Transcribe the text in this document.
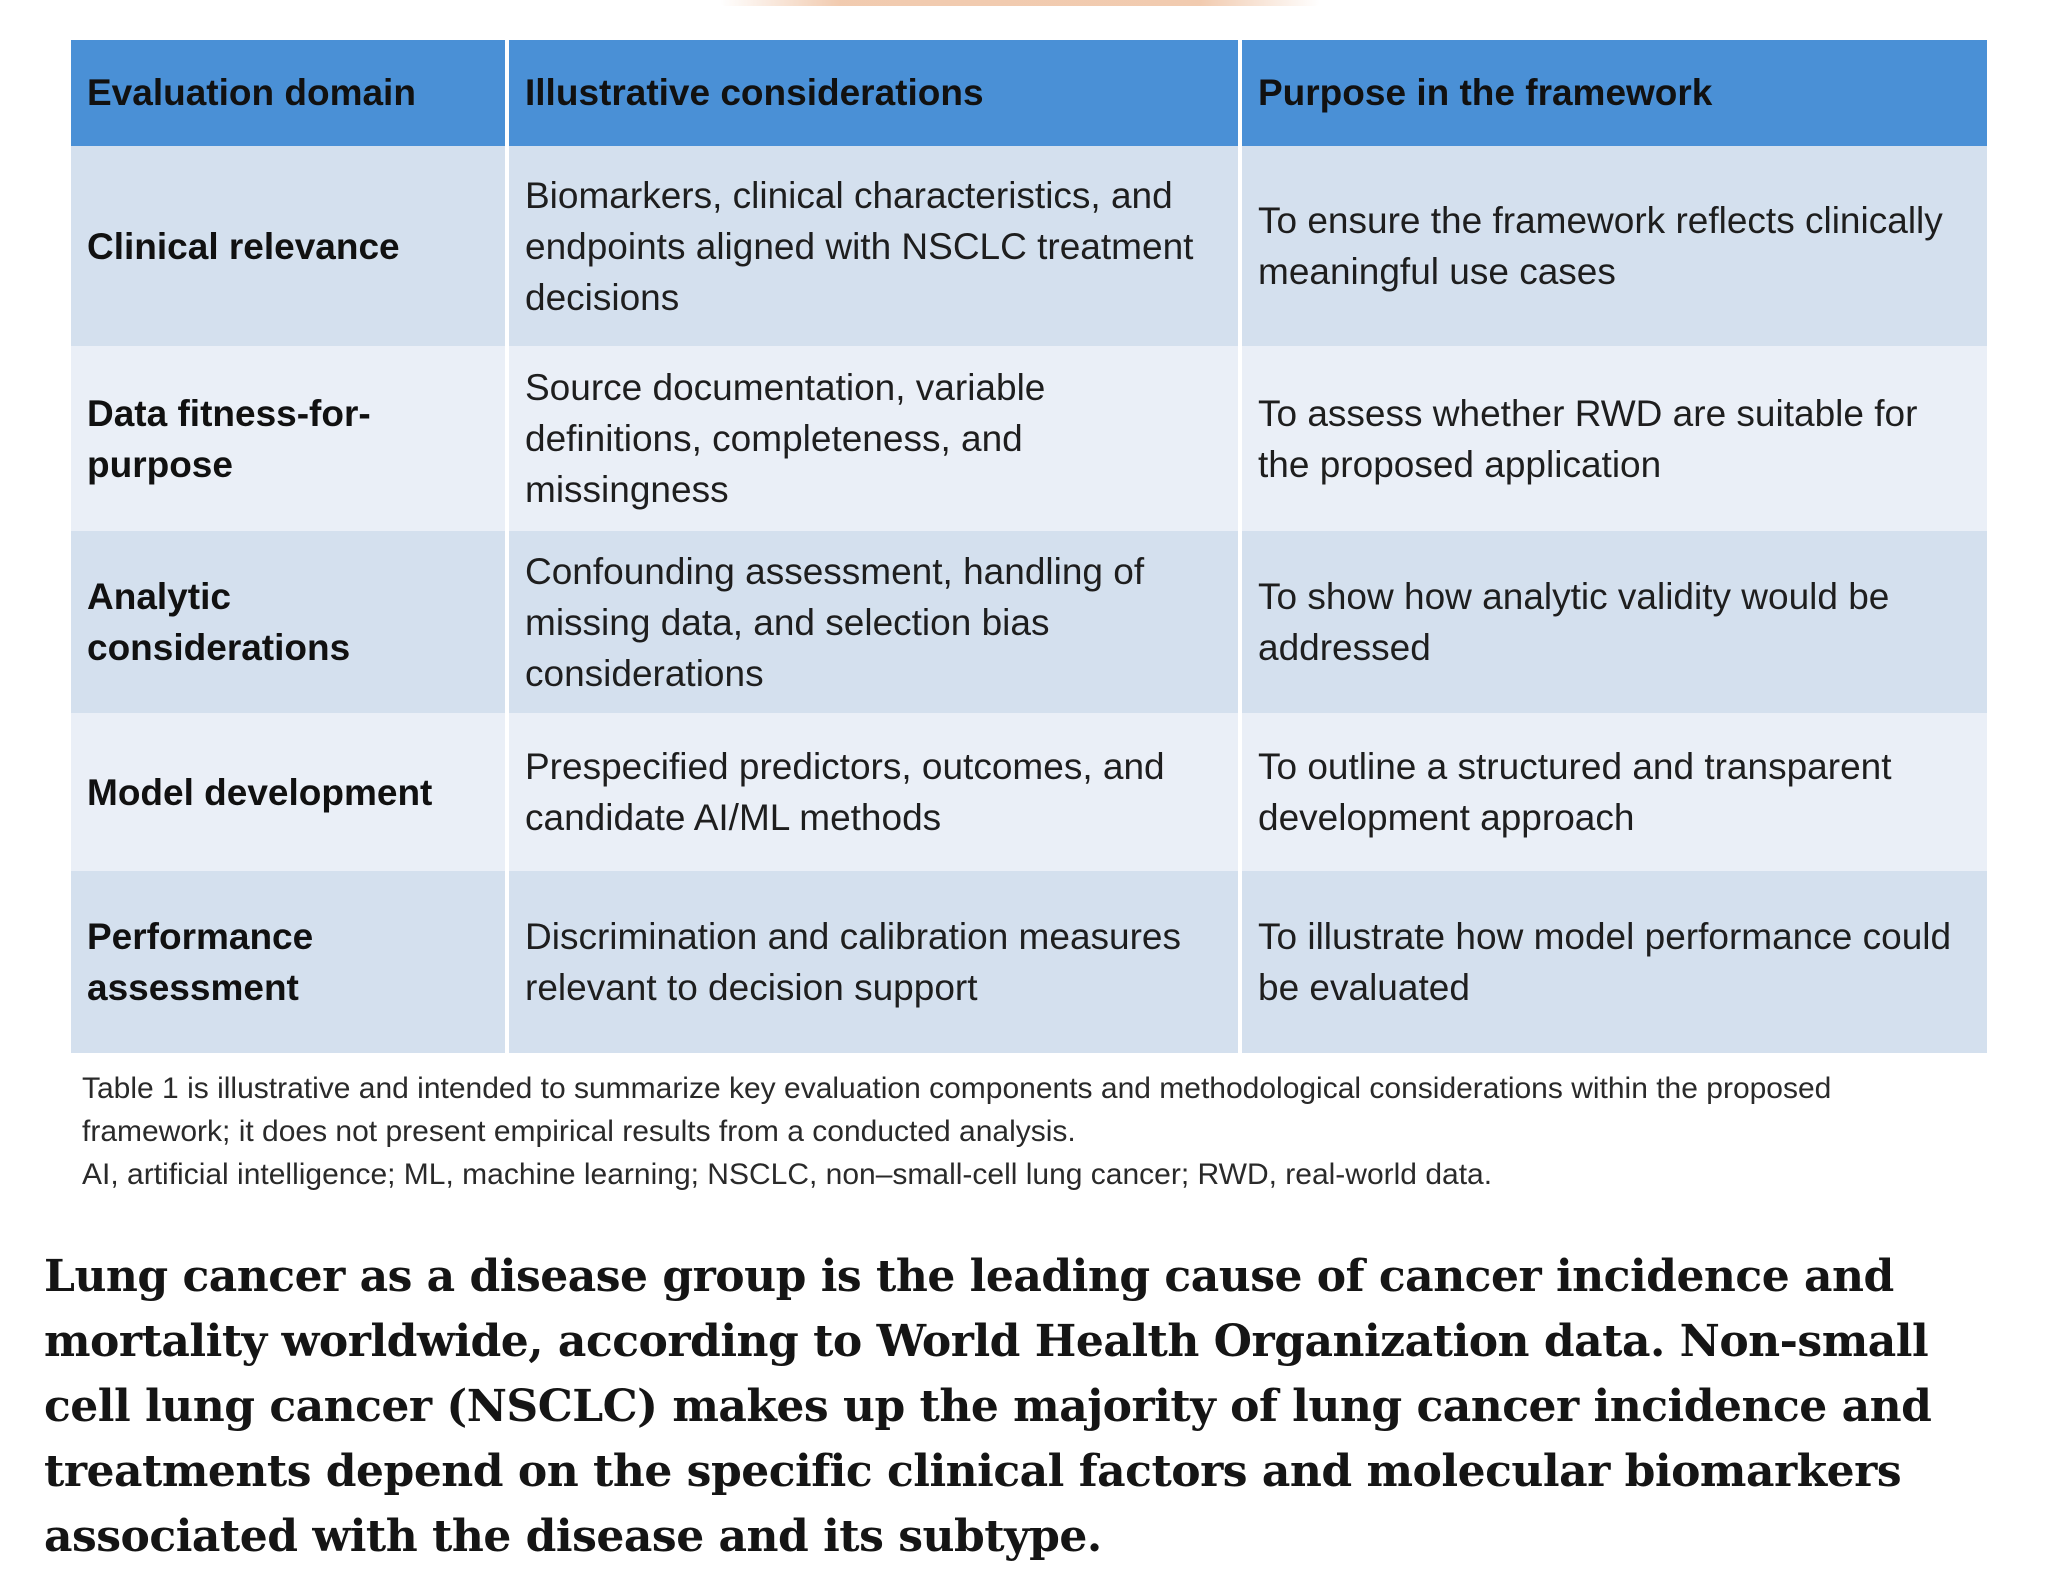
Evaluation domain	Illustrative considerations	Purpose in the framework
Clinical relevance	Biomarkers, clinical characteristics, and endpoints aligned with NSCLC treatment decisions	To ensure the framework reflects clinically meaningful use cases
Data fitness-for-purpose	Source documentation, variable definitions, completeness, and missingness	To assess whether RWD are suitable for the proposed application
Analytic considerations	Confounding assessment, handling of missing data, and selection bias considerations	To show how analytic validity would be addressed
Model development	Prespecified predictors, outcomes, and candidate AI/ML methods	To outline a structured and transparent development approach
Performance assessment	Discrimination and calibration measures relevant to decision support	To illustrate how model performance could be evaluated

Table 1 is illustrative and intended to summarize key evaluation components and methodological considerations within the proposed framework; it does not present empirical results from a conducted analysis.

AI, artificial intelligence; ML, machine learning; NSCLC, non–small-cell lung cancer; RWD, real-world data.

Lung cancer as a disease group is the leading cause of cancer incidence and mortality worldwide, according to World Health Organization data. Non-small cell lung cancer (NSCLC) makes up the majority of lung cancer incidence and treatments depend on the specific clinical factors and molecular biomarkers associated with the disease and its subtype.
